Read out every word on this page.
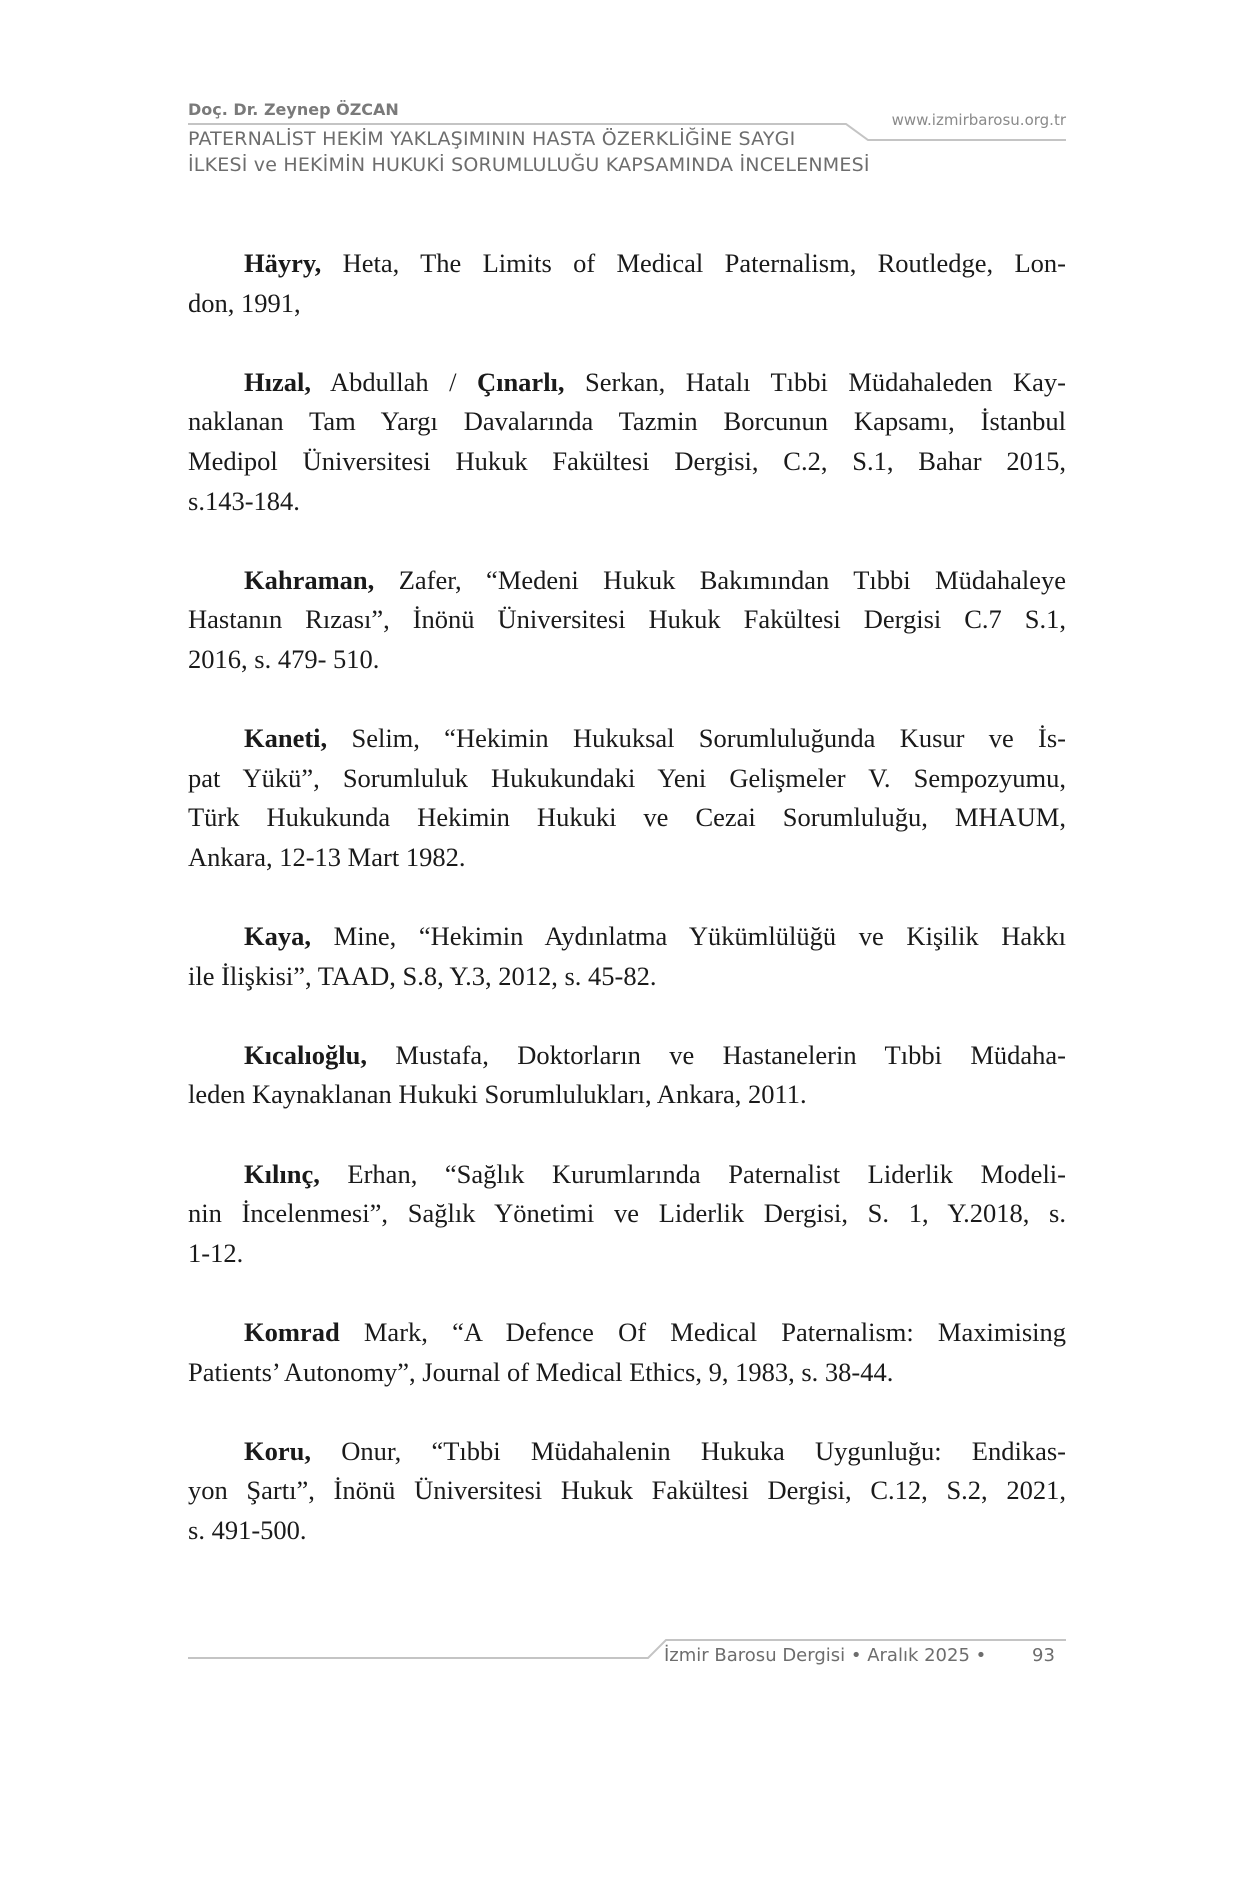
Doç. Dr. Zeynep ÖZCAN
www.izmirbarosu.org.tr
PATERNALİST HEKİM YAKLAŞIMININ HASTA ÖZERKLİĞİNE SAYGI
İLKESİ ve HEKİMİN HUKUKİ SORUMLULUĞU KAPSAMINDA İNCELENMESİ
Häyry, Heta, The Limits of Medical Paternalism, Routledge, Lon-
don, 1991,
Hızal, Abdullah / Çınarlı, Serkan, Hatalı Tıbbi Müdahaleden Kay-
naklanan Tam Yargı Davalarında Tazmin Borcunun Kapsamı, İstanbul
Medipol Üniversitesi Hukuk Fakültesi Dergisi, C.2, S.1, Bahar 2015,
s.143-184.
Kahraman, Zafer, “Medeni Hukuk Bakımından Tıbbi Müdahaleye
Hastanın Rızası”, İnönü Üniversitesi Hukuk Fakültesi Dergisi C.7 S.1,
2016, s. 479- 510.
Kaneti, Selim, “Hekimin Hukuksal Sorumluluğunda Kusur ve İs-
pat Yükü”, Sorumluluk Hukukundaki Yeni Gelişmeler V. Sempozyumu,
Türk Hukukunda Hekimin Hukuki ve Cezai Sorumluluğu, MHAUM,
Ankara, 12-13 Mart 1982.
Kaya, Mine, “Hekimin Aydınlatma Yükümlülüğü ve Kişilik Hakkı
ile İlişkisi”, TAAD, S.8, Y.3, 2012, s. 45-82.
Kıcalıoğlu, Mustafa, Doktorların ve Hastanelerin Tıbbi Müdaha-
leden Kaynaklanan Hukuki Sorumlulukları, Ankara, 2011.
Kılınç, Erhan, “Sağlık Kurumlarında Paternalist Liderlik Modeli-
nin İncelenmesi”, Sağlık Yönetimi ve Liderlik Dergisi, S. 1, Y.2018, s.
1-12.
Komrad Mark, “A Defence Of Medical Paternalism: Maximising
Patients’ Autonomy”, Journal of Medical Ethics, 9, 1983, s. 38-44.
Koru, Onur, “Tıbbi Müdahalenin Hukuka Uygunluğu: Endikas-
yon Şartı”, İnönü Üniversitesi Hukuk Fakültesi Dergisi, C.12, S.2, 2021,
s. 491-500.
İzmir Barosu Dergisi • Aralık 2025 •	93
